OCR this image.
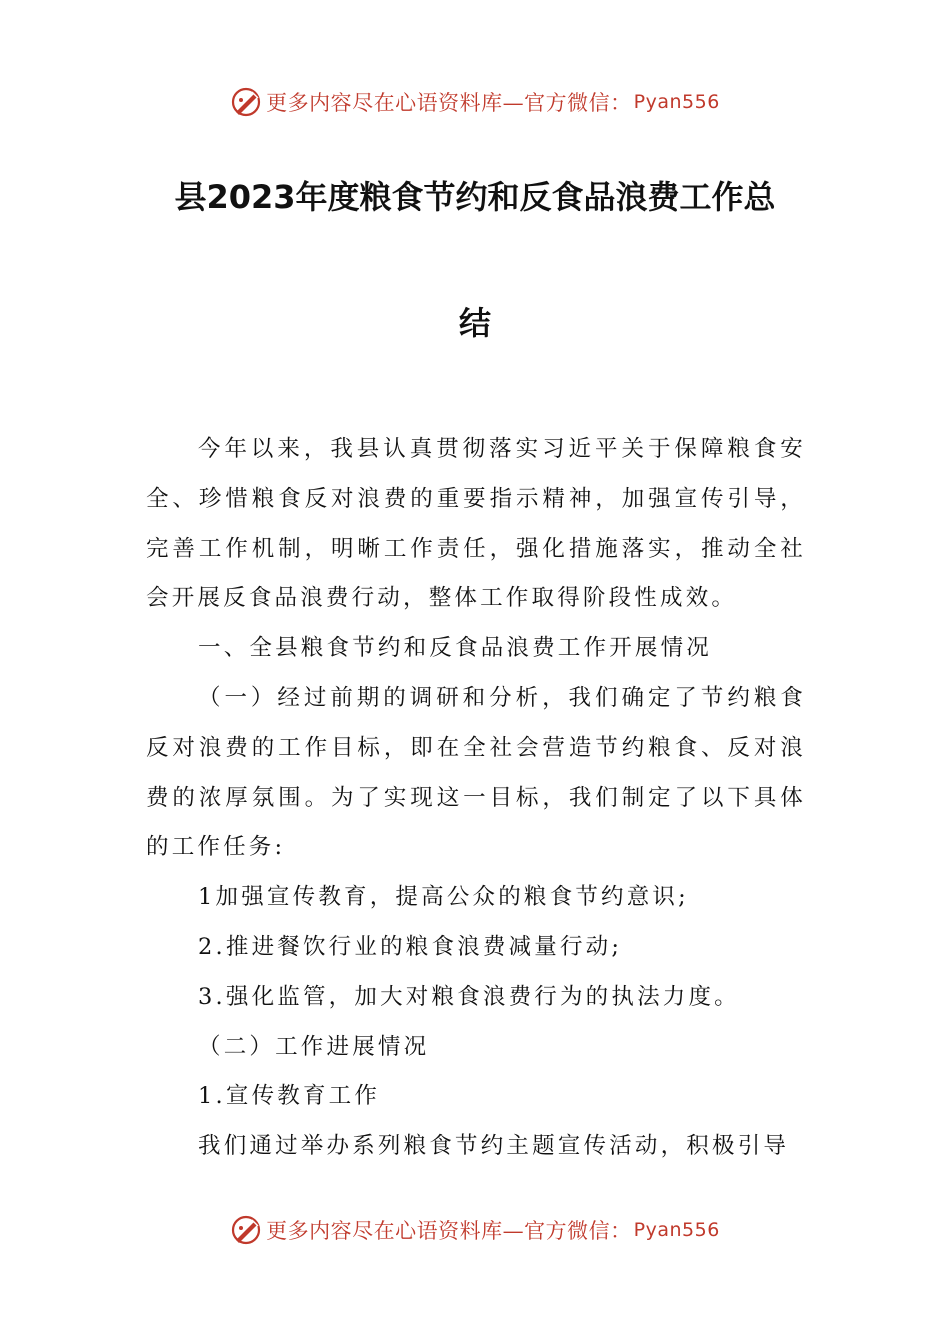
更多内容尽在心语资料库—官方微信： Pyan556
县2023年度粮食节约和反食品浪费工作总
结

今年以来，我县认真贯彻落实习近平关于保障粮食安全、珍惜粮食反对浪费的重要指示精神，加强宣传引导，完善工作机制，明晰工作责任，强化措施落实，推动全社会开展反食品浪费行动，整体工作取得阶段性成效。

一、全县粮食节约和反食品浪费工作开展情况

（一）经过前期的调研和分析，我们确定了节约粮食反对浪费的工作目标，即在全社会营造节约粮食、反对浪费的浓厚氛围。为了实现这一目标，我们制定了以下具体的工作任务:

1加强宣传教育，提高公众的粮食节约意识;

2.推进餐饮行业的粮食浪费减量行动;

3.强化监管，加大对粮食浪费行为的执法力度。

（二）工作进展情况

1.宣传教育工作

我们通过举办系列粮食节约主题宣传活动，积极引导

更多内容尽在心语资料库—官方微信： Pyan556
